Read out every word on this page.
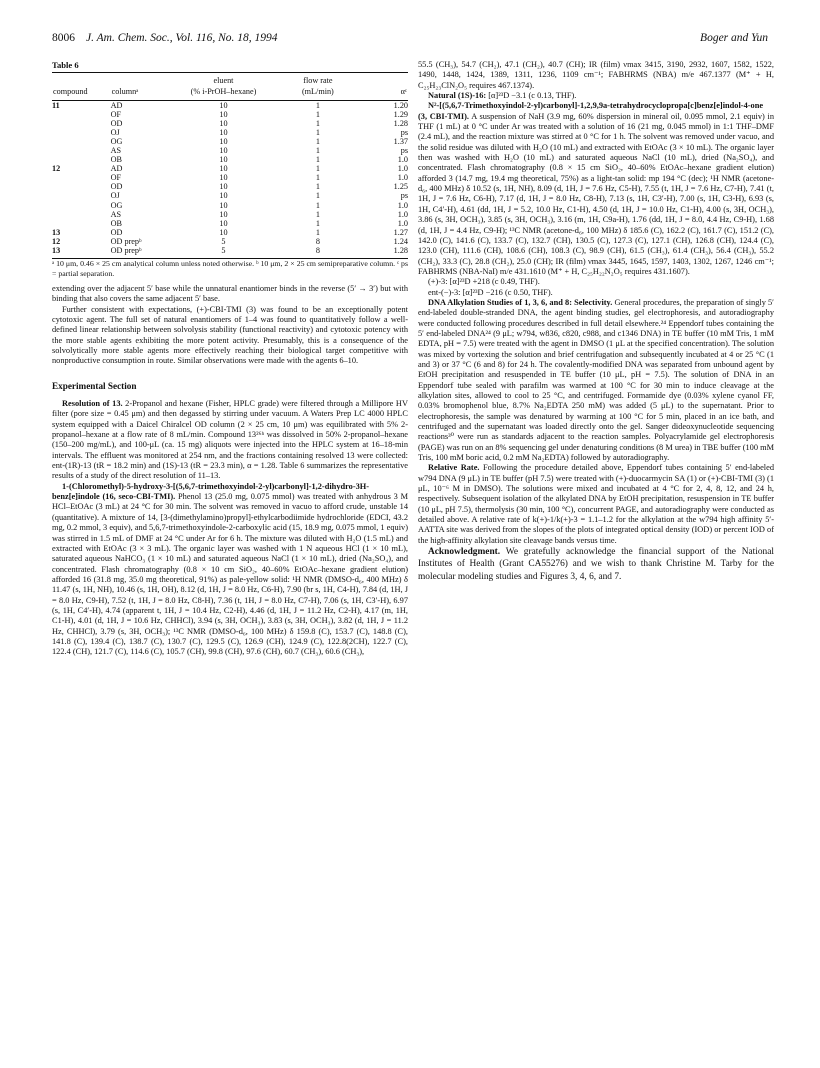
8006 J. Am. Chem. Soc., Vol. 116, No. 18, 1994	Boger and Yun
Table 6
		eluent	flow rate	
compound	columnᵃ	(% i-PrOH–hexane)	(mL/min)	αᶜ
11	AD	10	1	1.20
	OF	10	1	1.29
	OD	10	1	1.28
	OJ	10	1	ps
	OG	10	1	1.37
	AS	10	1	ps
	OB	10	1	1.0
12	AD	10	1	1.0
	OF	10	1	1.0
	OD	10	1	1.25
	OJ	10	1	ps
	OG	10	1	1.0
	AS	10	1	1.0
	OB	10	1	1.0
13	OD	10	1	1.27
12	OD prepᵇ	5	8	1.24
13	OD prepᵇ	5	8	1.28

ᵃ 10 μm, 0.46 × 25 cm analytical column unless noted otherwise. ᵇ 10 μm, 2 × 25 cm semipreparative column. ᶜ ps = partial separation.

extending over the adjacent 5′ base while the unnatural enantiomer binds in the reverse (5′ → 3′) but with binding that also covers the same adjacent 5′ base.

Further consistent with expectations, (+)-CBI-TMI (3) was found to be an exceptionally potent cytotoxic agent. The full set of natural enantiomers of 1–4 was found to quantitatively follow a well-defined linear relationship between solvolysis stability (functional reactivity) and cytotoxic potency with the more stable agents exhibiting the more potent activity. Presumably, this is a consequence of the solvolytically more stable agents more effectively reaching their biological target competitive with nonproductive consumption in route. Similar observations were made with the agents 6–10.

Experimental Section

Resolution of 13. 2-Propanol and hexane (Fisher, HPLC grade) were filtered through a Millipore HV filter (pore size = 0.45 μm) and then degassed by stirring under vacuum. A Waters Prep LC 4000 HPLC system equipped with a Daicel Chiralcel OD column (2 × 25 cm, 10 μm) was equilibrated with 5% 2-propanol–hexane at a flow rate of 8 mL/min. Compound 13²⁶ʰ was dissolved in 50% 2-propanol–hexane (150–200 mg/mL), and 100-μL (ca. 15 mg) aliquots were injected into the HPLC system at 16–18-min intervals. The effluent was monitored at 254 nm, and the fractions containing resolved 13 were collected: ent-(1R)-13 (tR = 18.2 min) and (1S)-13 (tR = 23.3 min), α = 1.28. Table 6 summarizes the representative results of a study of the direct resolution of 11–13.

1-(Chloromethyl)-5-hydroxy-3-[(5,6,7-trimethoxyindol-2-yl)carbonyl]-1,2-dihydro-3H-benz[e]indole (16, seco-CBI-TMI). Phenol 13 (25.0 mg, 0.075 mmol) was treated with anhydrous 3 M HCl–EtOAc (3 mL) at 24 °C for 30 min. The solvent was removed in vacuo to afford crude, unstable 14 (quantitative). A mixture of 14, [3-(dimethylamino)propyl]-ethylcarbodiimide hydrochloride (EDCI, 43.2 mg, 0.2 mmol, 3 equiv), and 5,6,7-trimethoxyindole-2-carboxylic acid (15, 18.9 mg, 0.075 mmol, 1 equiv) was stirred in 1.5 mL of DMF at 24 °C under Ar for 6 h. The mixture was diluted with H₂O (1.5 mL) and extracted with EtOAc (3 × 3 mL). The organic layer was washed with 1 N aqueous HCl (1 × 10 mL), saturated aqueous NaHCO₃ (1 × 10 mL) and saturated aqueous NaCl (1 × 10 mL), dried (Na₂SO₄), and concentrated. Flash chromatography (0.8 × 10 cm SiO₂, 40–60% EtOAc–hexane gradient elution) afforded 16 (31.8 mg, 35.0 mg theoretical, 91%) as pale-yellow solid: ¹H NMR (DMSO-d₆, 400 MHz) δ 11.47 (s, 1H, NH), 10.46 (s, 1H, OH), 8.12 (d, 1H, J = 8.0 Hz, C6-H), 7.90 (br s, 1H, C4-H), 7.84 (d, 1H, J = 8.0 Hz, C9-H), 7.52 (t, 1H, J = 8.0 Hz, C8-H), 7.36 (t, 1H, J = 8.0 Hz, C7-H), 7.06 (s, 1H, C3′-H), 6.97 (s, 1H, C4′-H), 4.74 (apparent t, 1H, J = 10.4 Hz, C2-H), 4.46 (d, 1H, J = 11.2 Hz, C2-H), 4.17 (m, 1H, C1-H), 4.01 (d, 1H, J = 10.6 Hz, CHHCl), 3.94 (s, 3H, OCH₃), 3.83 (s, 3H, OCH₃), 3.82 (d, 1H, J = 11.2 Hz, CHHCl), 3.79 (s, 3H, OCH₃); ¹³C NMR (DMSO-d₆, 100 MHz) δ 159.8 (C), 153.7 (C), 148.8 (C), 141.8 (C), 139.4 (C), 138.7 (C), 130.7 (C), 129.5 (C), 126.9 (CH), 124.9 (C), 122.8(2CH), 122.7 (C), 122.4 (CH), 121.7 (C), 114.6 (C), 105.7 (CH), 99.8 (CH), 97.6 (CH), 60.7 (CH₃), 60.6 (CH₃),

55.5 (CH₃), 54.7 (CH₂), 47.1 (CH₂), 40.7 (CH); IR (film) νmax 3415, 3190, 2932, 1607, 1582, 1522, 1490, 1448, 1424, 1389, 1311, 1236, 1109 cm⁻¹; FABHRMS (NBA) m/e 467.1377 (M⁺ + H, C₂₅H₂₃ClN₂O₅ requires 467.1374).

Natural (1S)-16: [α]²³D −3.1 (c 0.13, THF).

N²-[(5,6,7-Trimethoxyindol-2-yl)carbonyl]-1,2,9,9a-tetrahydrocyclopropa[c]benz[e]indol-4-one (3, CBI-TMI). A suspension of NaH (3.9 mg, 60% dispersion in mineral oil, 0.095 mmol, 2.1 equiv) in THF (1 mL) at 0 °C under Ar was treated with a solution of 16 (21 mg, 0.045 mmol) in 1:1 THF–DMF (2.4 mL), and the reaction mixture was stirred at 0 °C for 1 h. The solvent was removed under vacuo, and the solid residue was diluted with H₂O (10 mL) and extracted with EtOAc (3 × 10 mL). The organic layer then was washed with H₂O (10 mL) and saturated aqueous NaCl (10 mL), dried (Na₂SO₄), and concentrated. Flash chromatography (0.8 × 15 cm SiO₂, 40–60% EtOAc–hexane gradient elution) afforded 3 (14.7 mg, 19.4 mg theoretical, 75%) as a light-tan solid: mp 194 °C (dec); ¹H NMR (acetone-d₆, 400 MHz) δ 10.52 (s, 1H, NH), 8.09 (d, 1H, J = 7.6 Hz, C5-H), 7.55 (t, 1H, J = 7.6 Hz, C7-H), 7.41 (t, 1H, J = 7.6 Hz, C6-H), 7.17 (d, 1H, J = 8.0 Hz, C8-H), 7.13 (s, 1H, C3′-H), 7.00 (s, 1H, C3-H), 6.93 (s, 1H, C4′-H), 4.61 (dd, 1H, J = 5.2, 10.0 Hz, C1-H), 4.50 (d, 1H, J = 10.0 Hz, C1-H), 4.00 (s, 3H, OCH₃), 3.86 (s, 3H, OCH₃), 3.85 (s, 3H, OCH₃), 3.16 (m, 1H, C9a-H), 1.76 (dd, 1H, J = 8.0, 4.4 Hz, C9-H), 1.68 (d, 1H, J = 4.4 Hz, C9-H); ¹³C NMR (acetone-d₆, 100 MHz) δ 185.6 (C), 162.2 (C), 161.7 (C), 151.2 (C), 142.0 (C), 141.6 (C), 133.7 (C), 132.7 (CH), 130.5 (C), 127.3 (C), 127.1 (CH), 126.8 (CH), 124.4 (C), 123.0 (CH), 111.6 (CH), 108.6 (CH), 108.3 (C), 98.9 (CH), 61.5 (CH₃), 61.4 (CH₃), 56.4 (CH₃), 55.2 (CH₂), 33.3 (C), 28.8 (CH₂), 25.0 (CH); IR (film) νmax 3445, 1645, 1597, 1403, 1302, 1267, 1246 cm⁻¹; FABHRMS (NBA-NaI) m/e 431.1610 (M⁺ + H, C₂₅H₂₂N₂O₅ requires 431.1607).

(+)-3: [α]²³D +218 (c 0.49, THF).

ent-(−)-3: [α]²³D −216 (c 0.50, THF).

DNA Alkylation Studies of 1, 3, 6, and 8: Selectivity. General procedures, the preparation of singly 5′ end-labeled double-stranded DNA, the agent binding studies, gel electrophoresis, and autoradiography were conducted following procedures described in full detail elsewhere.²⁴ Eppendorf tubes containing the 5′ end-labeled DNA²⁴ (9 μL; w794, w836, c820, c988, and c1346 DNA) in TE buffer (10 mM Tris, 1 mM EDTA, pH = 7.5) were treated with the agent in DMSO (1 μL at the specified concentration). The solution was mixed by vortexing the solution and brief centrifugation and subsequently incubated at 4 or 25 °C (1 and 3) or 37 °C (6 and 8) for 24 h. The covalently-modified DNA was separated from unbound agent by EtOH precipitation and resuspended in TE buffer (10 μL, pH = 7.5). The solution of DNA in an Eppendorf tube sealed with parafilm was warmed at 100 °C for 30 min to induce cleavage at the alkylation sites, allowed to cool to 25 °C, and centrifuged. Formamide dye (0.03% xylene cyanol FF, 0.03% bromophenol blue, 8.7% Na₂EDTA 250 mM) was added (5 μL) to the supernatant. Prior to electrophoresis, the sample was denatured by warming at 100 °C for 5 min, placed in an ice bath, and centrifuged and the supernatant was loaded directly onto the gel. Sanger dideoxynucleotide sequencing reactions³⁰ were run as standards adjacent to the reaction samples. Polyacrylamide gel electrophoresis (PAGE) was run on an 8% sequencing gel under denaturing conditions (8 M urea) in TBE buffer (100 mM Tris, 100 mM boric acid, 0.2 mM Na₂EDTA) followed by autoradiography.

Relative Rate. Following the procedure detailed above, Eppendorf tubes containing 5′ end-labeled w794 DNA (9 μL) in TE buffer (pH 7.5) were treated with (+)-duocarmycin SA (1) or (+)-CBI-TMI (3) (1 μL, 10⁻⁶ M in DMSO). The solutions were mixed and incubated at 4 °C for 2, 4, 8, 12, and 24 h, respectively. Subsequent isolation of the alkylated DNA by EtOH precipitation, resuspension in TE buffer (10 μL, pH 7.5), thermolysis (30 min, 100 °C), concurrent PAGE, and autoradiography were conducted as detailed above. A relative rate of k(+)-1/k(+)-3 = 1.1–1.2 for the alkylation at the w794 high affinity 5′-AATTA site was derived from the slopes of the plots of integrated optical density (IOD) or percent IOD of the high-affinity alkylation site cleavage bands versus time.

Acknowledgment. We gratefully acknowledge the financial support of the National Institutes of Health (Grant CA55276) and we wish to thank Christine M. Tarby for the molecular modeling studies and Figures 3, 4, 6, and 7.
